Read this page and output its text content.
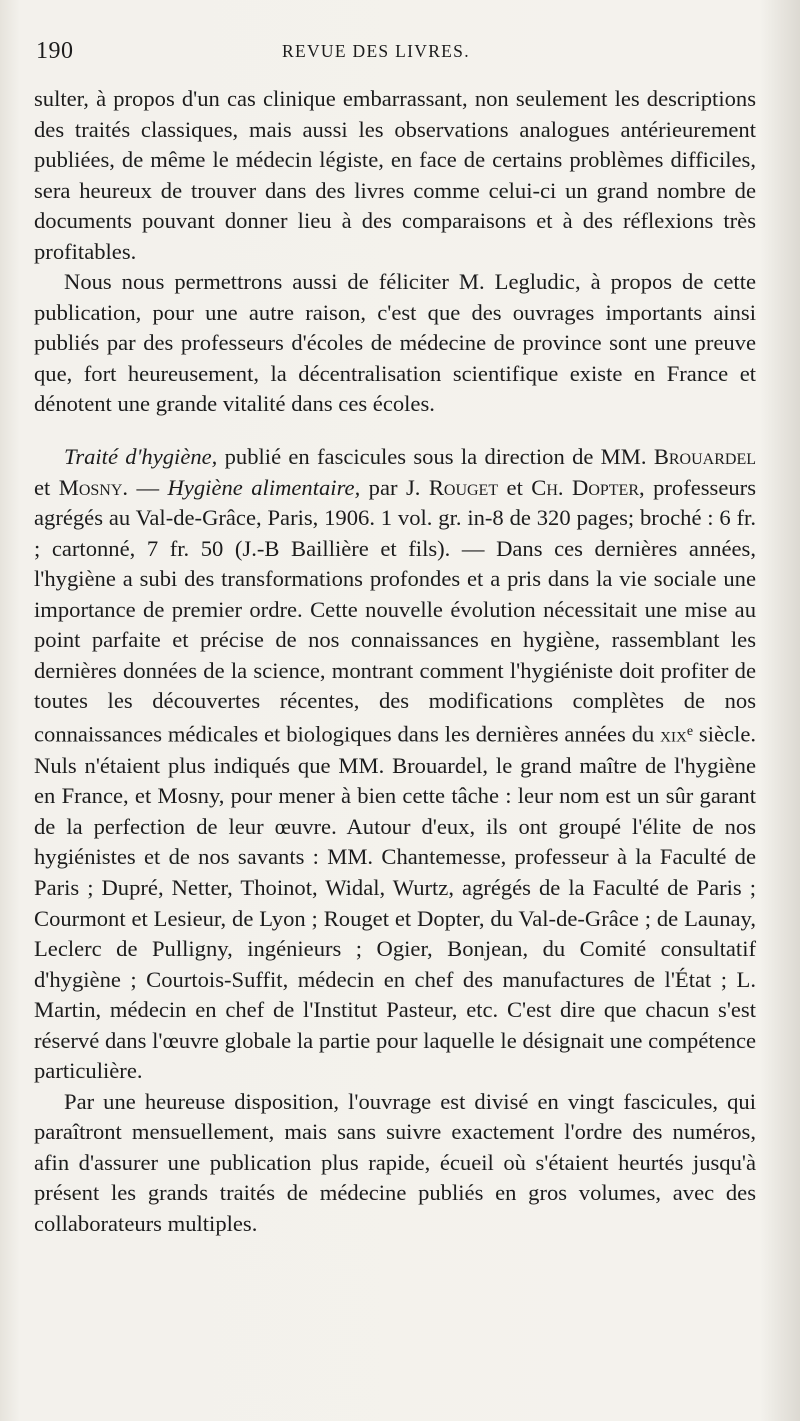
190	REVUE DES LIVRES.

sulter, à propos d'un cas clinique embarrassant, non seulement les descriptions des traités classiques, mais aussi les observations analogues antérieurement publiées, de même le médecin légiste, en face de certains problèmes difficiles, sera heureux de trouver dans des livres comme celui-ci un grand nombre de documents pouvant donner lieu à des comparaisons et à des réflexions très profitables.

Nous nous permettrons aussi de féliciter M. Legludic, à propos de cette publication, pour une autre raison, c'est que des ouvrages importants ainsi publiés par des professeurs d'écoles de médecine de province sont une preuve que, fort heureusement, la décentralisation scientifique existe en France et dénotent une grande vitalité dans ces écoles.

Traité d'hygiène, publié en fascicules sous la direction de MM. Brouardel et Mosny. — Hygiène alimentaire, par J. Rouget et Ch. Dopter, professeurs agrégés au Val-de-Grâce, Paris, 1906. 1 vol. gr. in-8 de 320 pages; broché : 6 fr. ; cartonné, 7 fr. 50 (J.-B Baillière et fils). — Dans ces dernières années, l'hygiène a subi des transformations profondes et a pris dans la vie sociale une importance de premier ordre. Cette nouvelle évolution nécessitait une mise au point parfaite et précise de nos connaissances en hygiène, rassemblant les dernières données de la science, montrant comment l'hygiéniste doit profiter de toutes les découvertes récentes, des modifications complètes de nos connaissances médicales et biologiques dans les dernières années du xix$^e$ siècle. Nuls n'étaient plus indiqués que MM. Brouardel, le grand maître de l'hygiène en France, et Mosny, pour mener à bien cette tâche : leur nom est un sûr garant de la perfection de leur œuvre. Autour d'eux, ils ont groupé l'élite de nos hygiénistes et de nos savants : MM. Chantemesse, professeur à la Faculté de Paris ; Dupré, Netter, Thoinot, Widal, Wurtz, agrégés de la Faculté de Paris ; Courmont et Lesieur, de Lyon ; Rouget et Dopter, du Val-de-Grâce ; de Launay, Leclerc de Pulligny, ingénieurs ; Ogier, Bonjean, du Comité consultatif d'hygiène ; Courtois-Suffit, médecin en chef des manufactures de l'État ; L. Martin, médecin en chef de l'Institut Pasteur, etc. C'est dire que chacun s'est réservé dans l'œuvre globale la partie pour laquelle le désignait une compétence particulière.

Par une heureuse disposition, l'ouvrage est divisé en vingt fascicules, qui paraîtront mensuellement, mais sans suivre exactement l'ordre des numéros, afin d'assurer une publication plus rapide, écueil où s'étaient heurtés jusqu'à présent les grands traités de médecine publiés en gros volumes, avec des collaborateurs multiples.
